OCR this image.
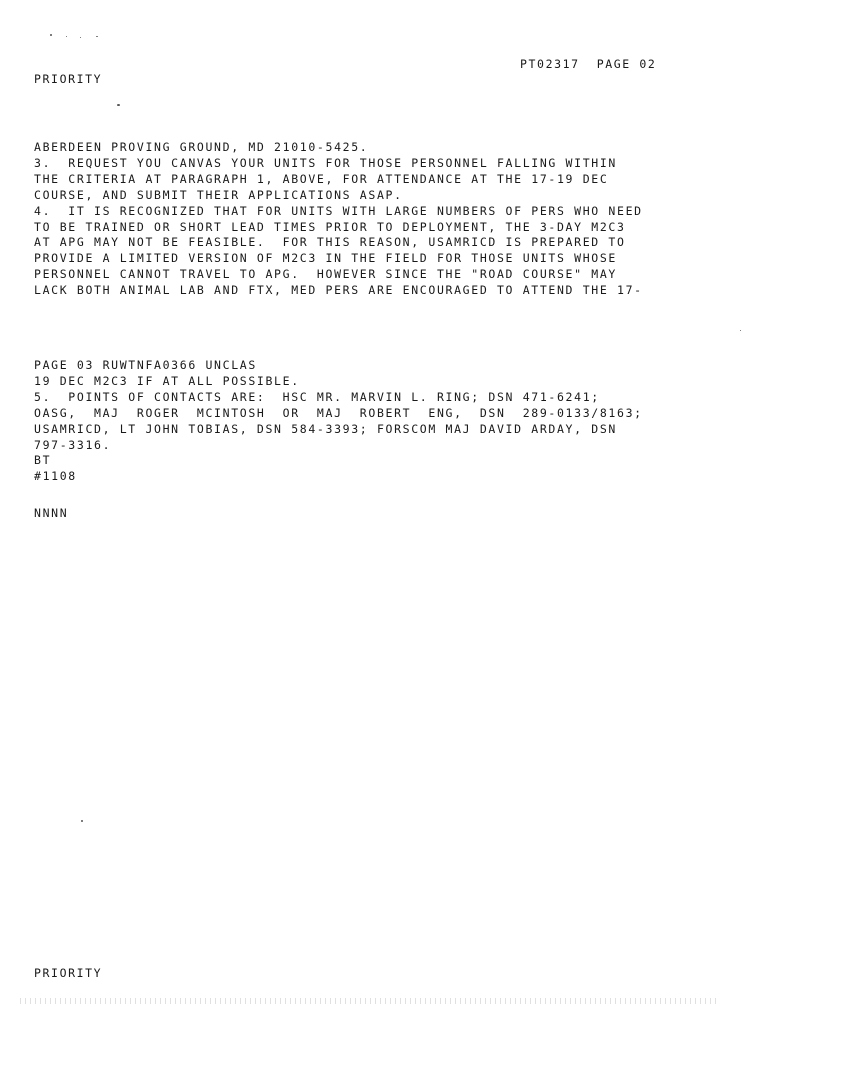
PT02317 PAGE 02
PRIORITY
ABERDEEN PROVING GROUND, MD 21010-5425.
3.  REQUEST YOU CANVAS YOUR UNITS FOR THOSE PERSONNEL FALLING WITHIN
THE CRITERIA AT PARAGRAPH 1, ABOVE, FOR ATTENDANCE AT THE 17-19 DEC
COURSE, AND SUBMIT THEIR APPLICATIONS ASAP.
4.  IT IS RECOGNIZED THAT FOR UNITS WITH LARGE NUMBERS OF PERS WHO NEED
TO BE TRAINED OR SHORT LEAD TIMES PRIOR TO DEPLOYMENT, THE 3-DAY M2C3
AT APG MAY NOT BE FEASIBLE.  FOR THIS REASON, USAMRICD IS PREPARED TO
PROVIDE A LIMITED VERSION OF M2C3 IN THE FIELD FOR THOSE UNITS WHOSE
PERSONNEL CANNOT TRAVEL TO APG.  HOWEVER SINCE THE "ROAD COURSE" MAY
LACK BOTH ANIMAL LAB AND FTX, MED PERS ARE ENCOURAGED TO ATTEND THE 17-
PAGE 03 RUWTNFA0366 UNCLAS
19 DEC M2C3 IF AT ALL POSSIBLE.
5.  POINTS OF CONTACTS ARE:  HSC MR. MARVIN L. RING; DSN 471-6241;
OASG,  MAJ  ROGER  MCINTOSH  OR  MAJ  ROBERT  ENG,  DSN  289-0133/8163;
USAMRICD, LT JOHN TOBIAS, DSN 584-3393; FORSCOM MAJ DAVID ARDAY, DSN
797-3316.
BT
#1108
NNNN
PRIORITY
